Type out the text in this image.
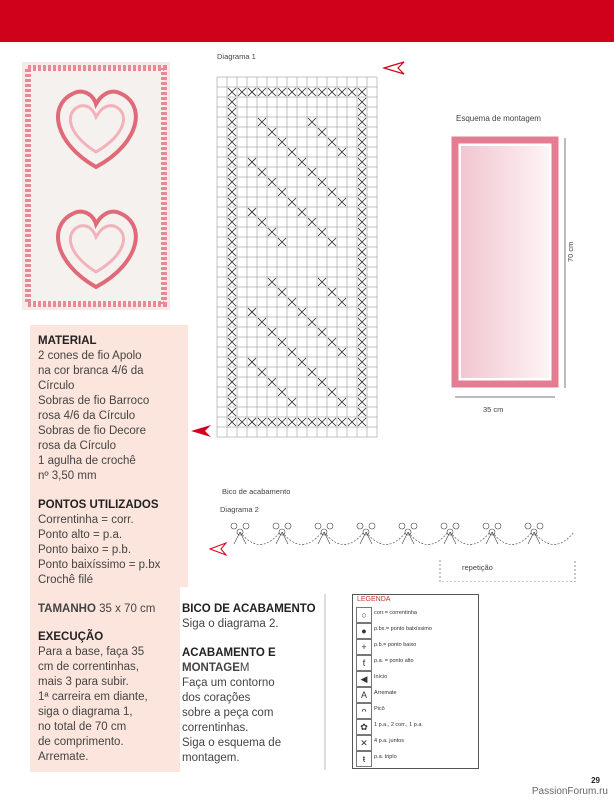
Diagrama 1
Esquema de montagem
70 cm
35 cm
Bico de acabamento
Diagrama 2
repetição
MATERIAL
2 cones de fio Apolo
na cor branca 4/6 da
Círculo
Sobras de fio Barroco
rosa 4/6 da Círculo
Sobras de fio Decore
rosa da Círculo
1 agulha de crochê
nº 3,50 mm
PONTOS UTILIZADOS
Correntinha = corr.
Ponto alto = p.a.
Ponto baixo = p.b.
Ponto baixíssimo = p.bx
Crochê filé
TAMANHO 35 x 70 cm
EXECUÇÃO
Para a base, faça 35
cm de correntinhas,
mais 3 para subir.
1ª carreira em diante,
siga o diagrama 1,
no total de 70 cm
de comprimento.
Arremate.
BICO DE ACABAMENTO
Siga o diagrama 2.
ACABAMENTO E
MONTAGEM
Faça um contorno
dos corações
sobre a peça com
correntinhas.
Siga o esquema de
montagem.
LEGENDA
○	corr.= correntinha
●	p.bx.= ponto baixíssimo
+	p.b.= ponto baixo
ƭ	p.a. = ponto alto
◀	Início
A	Arremate
ᴖ	Picô
✿	1 p.a., 2 corr., 1 p.a.
✕	4 p.a. juntos
ŧ	p.a. triplo
29
PassionForum.ru
